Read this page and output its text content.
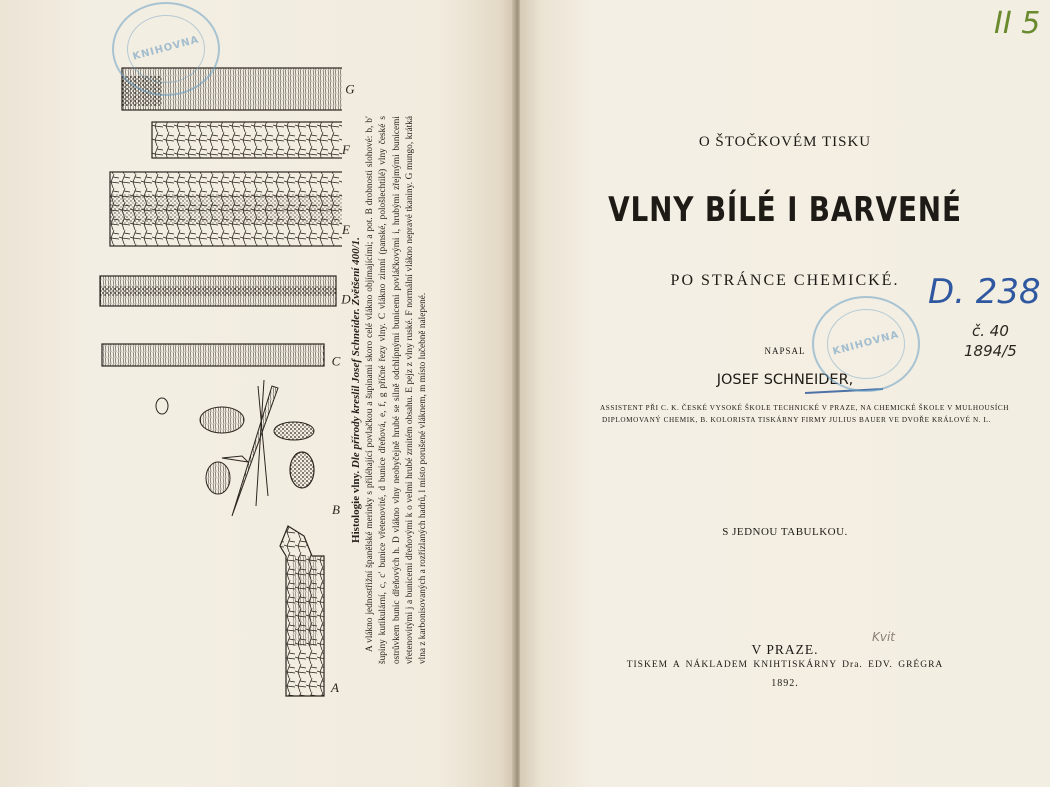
A
B
C
D
E
F
G
Histologie vlny. Dle přírody kreslil Josef Schneider. Zvětšení 400/1. A vlákno jednostřižní španělské merinky s přiléhající povlačkou a šupinami skoro celé vlákno objímajícími; a pot. B drobnosti slohové: b, b′ šupiny kutikulární, c, c′ bunice vřetenovité, d bunice dřeňová, e, f, g příčné řezy vlny. C vlákno zimní (panské, pološlechtilé) vlny české s ostrůvkem bunic dřeňových h. D vlákno vlny neobyčejně hrubé se silně odchlípnými bunicemi povláčkovými i, hrubými zřejmými bunicemi vřetenovitými j a bunicemi dřeňovými k o velmi hrubé zrnitém obsahu. E pejz z vlny ruské. F normální vlákno nepravé tkaniny. G mungo, krátká vlna z karbonisovaných a rozřízlaných hadrů, l místo porušené vláknem, m místo lučebně nalepené.

KNIHOVNA
O ŠTOČKOVÉM TISKU
VLNY BÍLÉ I BARVENÉ
PO STRÁNCE CHEMICKÉ.
NAPSAL
JOSEF SCHNEIDER,
ASSISTENT PŘI C. K. ČESKÉ VYSOKÉ ŠKOLE TECHNICKÉ V PRAZE, NA CHEMICKÉ ŠKOLE V MULHOUSÍCH
DIPLOMOVANÝ CHEMIK, B. KOLORISTA TISKÁRNY FIRMY JULIUS BAUER VE DVOŘE KRÁLOVÉ N. L.
S JEDNOU TABULKOU.
V PRAZE.
TISKEM A NÁKLADEM KNIHTISKÁRNY Dra. EDV. GRÉGRA
1892.
KNIHOVNA
II 5
D. 238
č. 40
1894/5
Kvit
